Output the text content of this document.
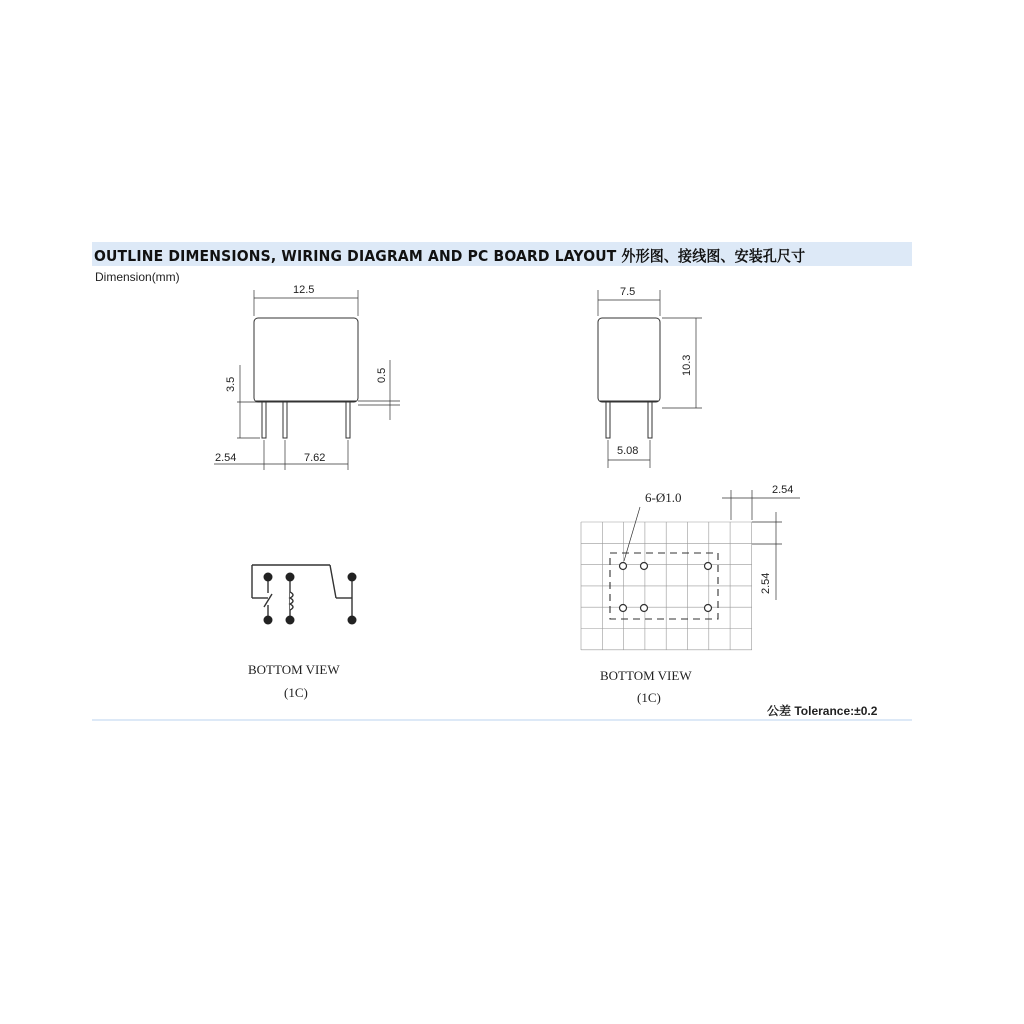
OUTLINE DIMENSIONS, WIRING DIAGRAM AND PC BOARD LAYOUT 外形图、接线图、安装孔尺寸
Dimension(mm)
12.5
3.5
0.5
2.54	7.62
7.5
10.3
5.08
BOTTOM VIEW
(1C)
6-Ø1.0	2.54
2.54
BOTTOM VIEW
(1C)
公差 Tolerance:±0.2
